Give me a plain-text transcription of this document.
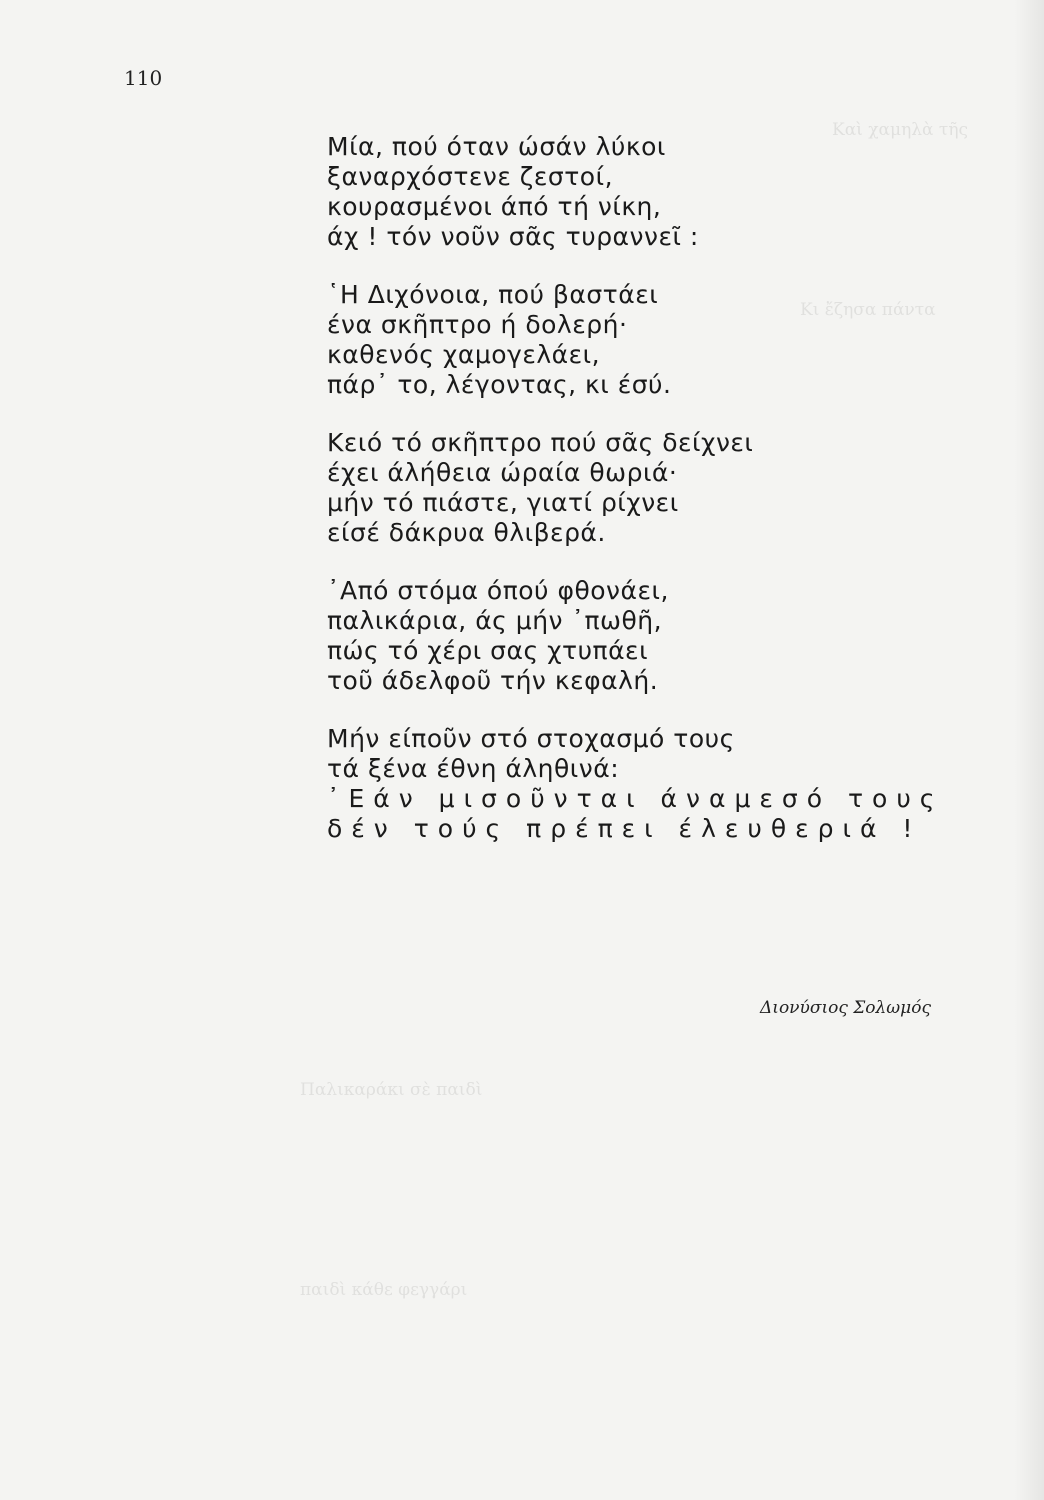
Καὶ χαμηλὰ τῆς
Κι ἔζησα πάντα
Παλικαράκι σὲ παιδὶ
παιδὶ κάθε φεγγάρι
110
Μία, πού όταν ώσάν λύκοι
ξαναρχόστενε ζεστοί,
κουρασμένοι άπό τή νίκη,
άχ ! τόν νοῦν σᾶς τυραννεῖ :
῾Η Διχόνοια, πού βαστάει
ένα σκῆπτρο ή δολερή·
καθενός χαμογελάει,
πάρ᾽ το, λέγοντας, κι έσύ.
Κειό τό σκῆπτρο πού σᾶς δείχνει
έχει άλήθεια ώραία θωριά·
μήν τό πιάστε, γιατί ρίχνει
είσέ δάκρυα θλιβερά.
᾽Από στόμα όπού φθονάει,
παλικάρια, άς μήν ᾽πωθῆ,
πώς τό χέρι σας χτυπάει
τοῦ άδελφοῦ τήν κεφαλή.
Μήν είποῦν στό στοχασμό τους
τά ξένα έθνη άληθινά:
᾽Εάν μισοῦνται άναμεσό τους
δέν τούς πρέπει έλευθεριά !
Διονύσιος Σολωμός
